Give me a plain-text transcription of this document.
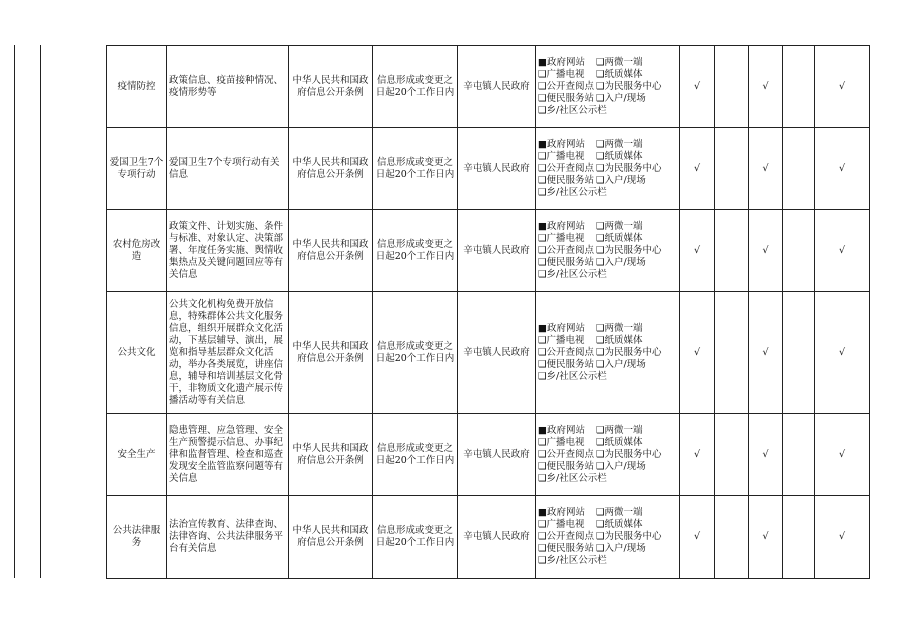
疫情防控	政策信息、疫苗接种情况、疫情形势等	中华人民共和国政府信息公开条例	信息形成或变更之日起20个工作日内	辛屯镇人民政府	■政府网站 ❑两微一端
❑广播电视 ❑纸质媒体
❑公开查阅点 ❑为民服务中心
❑便民服务站 ❑入户/现场
❑乡/社区公示栏	√		√		√
爱国卫生7个专项行动	爱国卫生7个专项行动有关信息	中华人民共和国政府信息公开条例	信息形成或变更之日起20个工作日内	辛屯镇人民政府	■政府网站 ❑两微一端
❑广播电视 ❑纸质媒体
❑公开查阅点 ❑为民服务中心
❑便民服务站 ❑入户/现场
❑乡/社区公示栏	√		√		√
农村危房改造	政策文件、计划实施、条件与标准、对象认定、决策部署、年度任务实施、舆情收集热点及关键问题回应等有关信息	中华人民共和国政府信息公开条例	信息形成或变更之日起20个工作日内	辛屯镇人民政府	■政府网站 ❑两微一端
❑广播电视 ❑纸质媒体
❑公开查阅点 ❑为民服务中心
❑便民服务站 ❑入户/现场
❑乡/社区公示栏	√		√		√
公共文化	公共文化机构免费开放信息，特殊群体公共文化服务信息，组织开展群众文化活动，下基层辅导、演出，展览和指导基层群众文化活动，举办各类展览，讲座信息，辅导和培训基层文化骨干，非物质文化遗产展示传播活动等有关信息	中华人民共和国政府信息公开条例	信息形成或变更之日起20个工作日内	辛屯镇人民政府	■政府网站 ❑两微一端
❑广播电视 ❑纸质媒体
❑公开查阅点 ❑为民服务中心
❑便民服务站 ❑入户/现场
❑乡/社区公示栏	√		√		√
安全生产	隐患管理、应急管理、安全生产预警提示信息、办事纪律和监督管理、检查和巡查发现安全监管监察问题等有关信息	中华人民共和国政府信息公开条例	信息形成或变更之日起20个工作日内	辛屯镇人民政府	■政府网站 ❑两微一端
❑广播电视 ❑纸质媒体
❑公开查阅点 ❑为民服务中心
❑便民服务站 ❑入户/现场
❑乡/社区公示栏	√		√		√
公共法律服务	法治宣传教育、法律查询、法律咨询、公共法律服务平台有关信息	中华人民共和国政府信息公开条例	信息形成或变更之日起20个工作日内	辛屯镇人民政府	■政府网站 ❑两微一端
❑广播电视 ❑纸质媒体
❑公开查阅点 ❑为民服务中心
❑便民服务站 ❑入户/现场
❑乡/社区公示栏	√		√		√
